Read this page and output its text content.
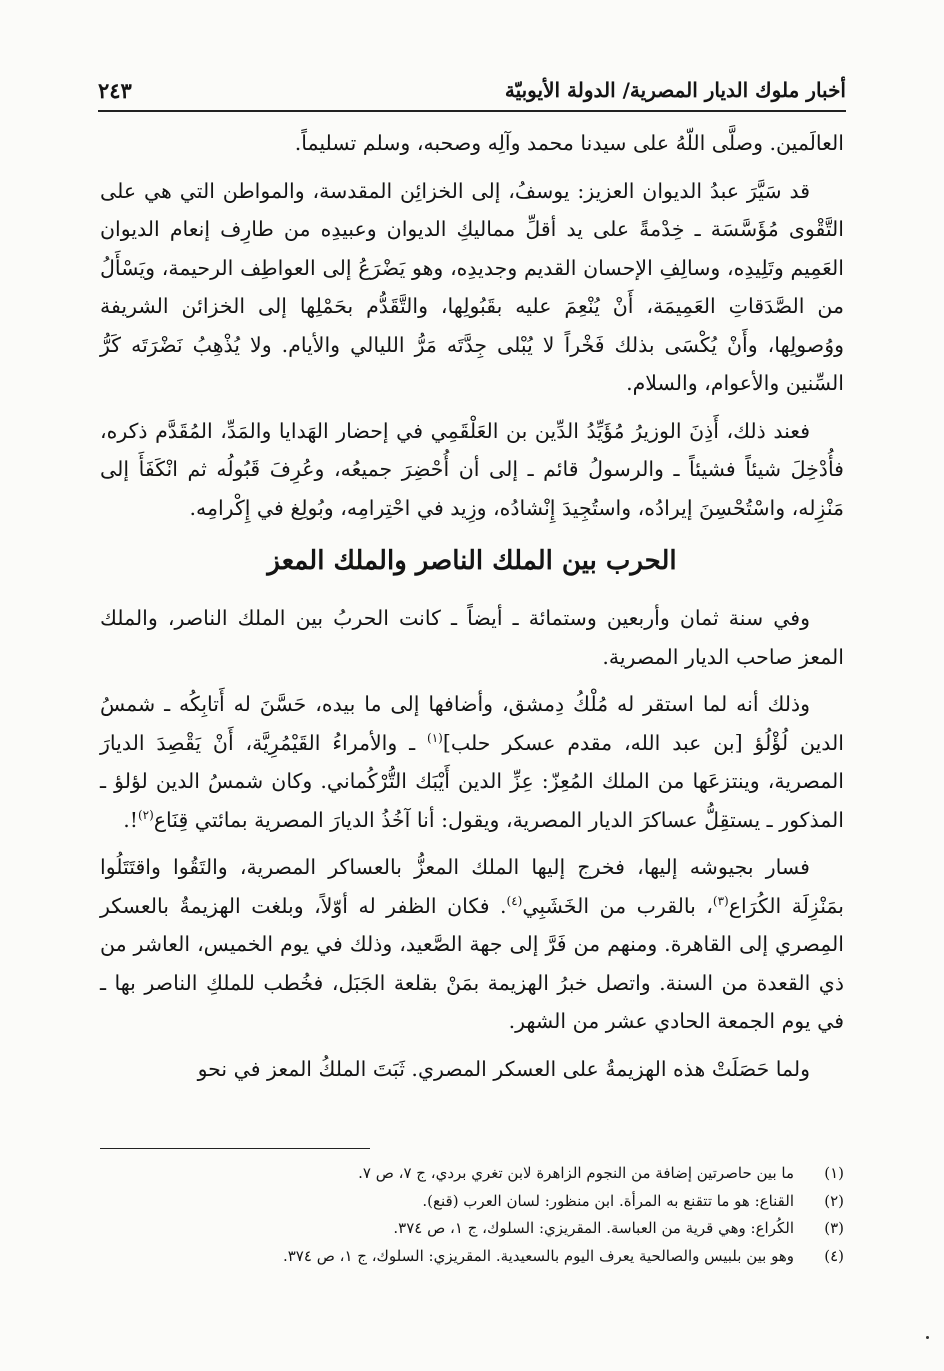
أخبار ملوك الديار المصرية/ الدولة الأيوبيّة
٢٤٣

العالَمين. وصلَّى اللّهُ على سيدنا محمد وآلِه وصحبه، وسلم تسليماً.

قد سَيَّرَ عبدُ الديوان العزيز: يوسفُ، إلى الخزائِن المقدسة، والمواطن التي هي على التَّقْوى مُؤَسَّسَة ـ خِدْمةً على يد أقلِّ مماليكِ الديوان وعبيدِه من طارِف إنعام الديوان العَمِيم وتَلِيدِه، وسالِفِ الإحسان القديم وجديدِه، وهو يَضْرَعُ إلى العواطِف الرحيمة، ويَسْأَلُ من الصَّدَقاتِ العَمِيمَة، أَنْ يُنْعِمَ عليه بقَبُولِها، والتَّقَدُّم بحَمْلِها إلى الخزائن الشريفة ووُصولِها، وأَنْ يُكْسَى بذلك فَخْراً لا يُبْلى جِدَّتَه مَرُّ الليالي والأيام. ولا يُذْهِبُ نَضْرَتَه كَرُّ السِّنين والأعوام، والسلام.

فعند ذلك، أَذِنَ الوزيرُ مُؤَيِّدُ الدِّين بن العَلْقَمِي في إحضار الهَدايا والمَدِّ، المُقَدَّم ذكره، فأُدْخِلَ شيئاً فشيئاً ـ والرسولُ قائم ـ إلى أن أُحْضِرَ جميعُه، وعُرِفَ قَبُولُه ثم انْكَفَأَ إلى مَنْزِله، واسْتُحْسِنَ إيرادُه، واستُجِيدَ إِنْشادُه، وزِيد في احْتِرامِه، وبُولِغ في إِكْرامِه.

الحرب بين الملك الناصر والملك المعز

وفي سنة ثمان وأربعين وستمائة ـ أيضاً ـ كانت الحربُ بين الملك الناصر، والملك المعز صاحب الديار المصرية.

وذلك أنه لما استقر له مُلْكُ دِمشق، وأضافها إلى ما بيده، حَسَّنَ له أَتابِكُه ـ شمسُ الدين لُؤْلُؤ [بن عبد الله، مقدم عسكر حلب]$^{(١)}$ ـ والأمراءُ القَيْمُرِيَّة، أَنْ يَقْصِدَ الديارَ المصرية، وينتزعَها من الملك المُعِزّ: عِزِّ الدين أَيْبَك التُّرْكُماني. وكان شمسُ الدين لؤلؤ ـ المذكور ـ يستقِلُّ عساكرَ الديار المصرية، ويقول: أنا آخُذُ الديارَ المصرية بمائتي قِنَاع$^{(٢)}$!.

فسار بجيوشه إليها، فخرج إليها الملك المعزُّ بالعساكر المصرية، والتَقُوا واقتَتَلُوا بمَنْزِلَة الكُرَاع$^{(٣)}$، بالقرب من الخَشَبِي$^{(٤)}$. فكان الظفر له أوّلاً، وبلغت الهزيمةُ بالعسكر المِصري إلى القاهرة. ومنهم من فَرَّ إلى جهة الصَّعيد، وذلك في يوم الخميس، العاشر من ذي القعدة من السنة. واتصل خبرُ الهزيمة بمَنْ بقلعة الجَبَل، فخُطب للملكِ الناصر بها ـ في يوم الجمعة الحادي عشر من الشهر.

ولما حَصَلَتْ هذه الهزيمةُ على العسكر المصري. ثَبَتَ الملكُ المعز في نحو

(١)
ما بين حاصرتين إضافة من النجوم الزاهرة لابن تغري بردي، ج ٧، ص ٧.
(٢)
القناع: هو ما تتقنع به المرأة. ابن منظور: لسان العرب (قنع).
(٣)
الكُراع: وهي قرية من العباسة. المقريزي: السلوك، ج ١، ص ٣٧٤.
(٤)
وهو بين بلبيس والصالحية يعرف اليوم بالسعيدية. المقريزي: السلوك، ج ١، ص ٣٧٤.
